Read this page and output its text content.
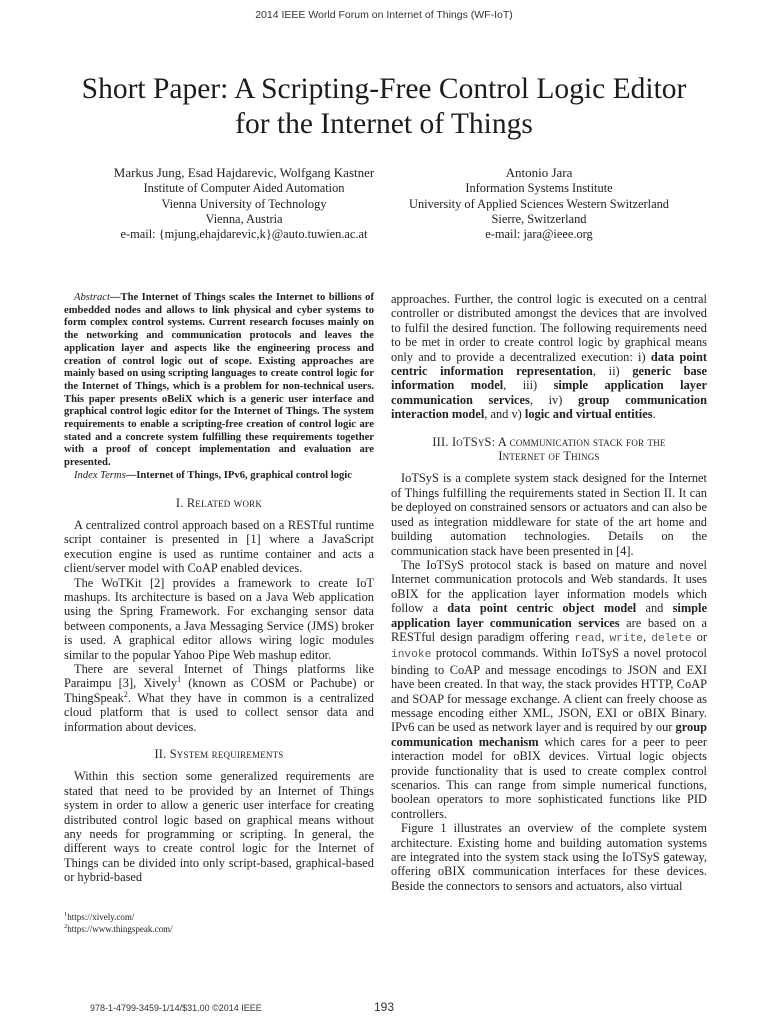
2014 IEEE World Forum on Internet of Things (WF-IoT)
Short Paper: A Scripting-Free Control Logic Editor
for the Internet of Things
Markus Jung, Esad Hajdarevic, Wolfgang Kastner
Institute of Computer Aided Automation
Vienna University of Technology
Vienna, Austria
e-mail: {mjung,ehajdarevic,k}@auto.tuwien.ac.at
Antonio Jara
Information Systems Institute
University of Applied Sciences Western Switzerland
Sierre, Switzerland
e-mail: jara@ieee.org

Abstract—The Internet of Things scales the Internet to billions of embedded nodes and allows to link physical and cyber systems to form complex control systems. Current research focuses mainly on the networking and communication protocols and leaves the application layer and aspects like the engineering process and creation of control logic out of scope. Existing approaches are mainly based on using scripting languages to create control logic for the Internet of Things, which is a problem for non-technical users. This paper presents oBeliX which is a generic user interface and graphical control logic editor for the Internet of Things. The system requirements to enable a scripting-free creation of control logic are stated and a concrete system fulfilling these requirements together with a proof of concept implementation and evaluation are presented.

Index Terms—Internet of Things, IPv6, graphical control logic

I. Related work

A centralized control approach based on a RESTful runtime script container is presented in [1] where a JavaScript execution engine is used as runtime container and acts a client/server model with CoAP enabled devices.

The WoTKit [2] provides a framework to create IoT mashups. Its architecture is based on a Java Web application using the Spring Framework. For exchanging sensor data between components, a Java Messaging Service (JMS) broker is used. A graphical editor allows wiring logic modules similar to the popular Yahoo Pipe Web mashup editor.

There are several Internet of Things platforms like Paraimpu [3], Xively$^1$ (known as COSM or Pachube) or ThingSpeak$^2$. What they have in common is a centralized cloud platform that is used to collect sensor data and information about devices.

II. System requirements

Within this section some generalized requirements are stated that need to be provided by an Internet of Things system in order to allow a generic user interface for creating distributed control logic based on graphical means without any needs for programming or scripting. In general, the different ways to create control logic for the Internet of Things can be divided into only script-based, graphical-based or hybrid-based

$^1$https://xively.com/
$^2$https://www.thingspeak.com/

approaches. Further, the control logic is executed on a central controller or distributed amongst the devices that are involved to fulfil the desired function. The following requirements need to be met in order to create control logic by graphical means only and to provide a decentralized execution: i) data point centric information representation, ii) generic base information model, iii) simple application layer communication services, iv) group communication interaction model, and v) logic and virtual entities.

III. IoTSyS: A communication stack for the
Internet of Things

IoTSyS is a complete system stack designed for the Internet of Things fulfilling the requirements stated in Section II. It can be deployed on constrained sensors or actuators and can also be used as integration middleware for state of the art home and building automation technologies. Details on the communication stack have been presented in [4].

The IoTSyS protocol stack is based on mature and novel Internet communication protocols and Web standards. It uses oBIX for the application layer information models which follow a data point centric object model and simple application layer communication services are based on a RESTful design paradigm offering read, write, delete or invoke protocol commands. Within IoTSyS a novel protocol binding to CoAP and message encodings to JSON and EXI have been created. In that way, the stack provides HTTP, CoAP and SOAP for message exchange. A client can freely choose as message encoding either XML, JSON, EXI or oBIX Binary. IPv6 can be used as network layer and is required by our group communication mechanism which cares for a peer to peer interaction model for oBIX devices. Virtual logic objects provide functionality that is used to create complex control scenarios. This can range from simple numerical functions, boolean operators to more sophisticated functions like PID controllers.

Figure 1 illustrates an overview of the complete system architecture. Existing home and building automation systems are integrated into the system stack using the IoTSyS gateway, offering oBIX communication interfaces for these devices. Beside the connectors to sensors and actuators, also virtual

978-1-4799-3459-1/14/$31.00 ©2014 IEEE	193
